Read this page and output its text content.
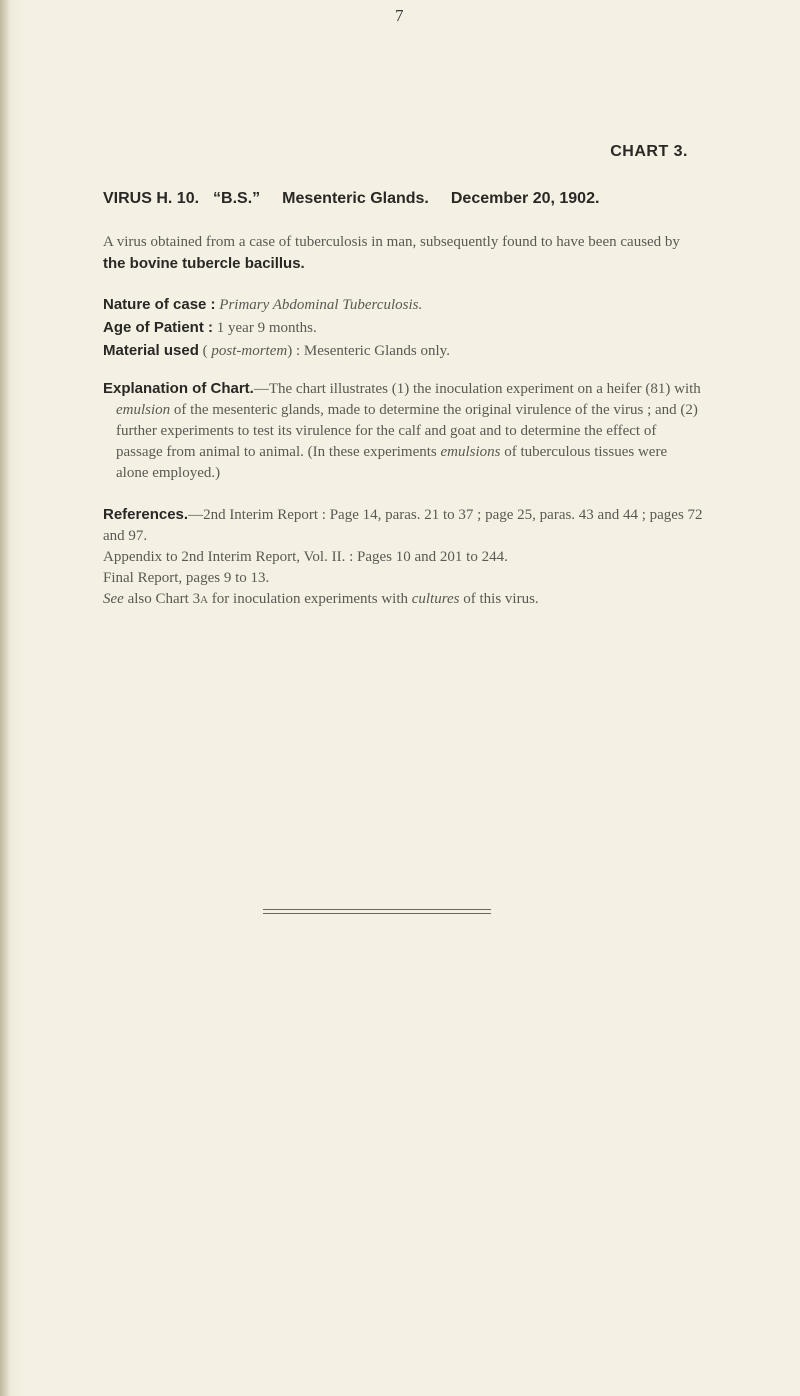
7
CHART 3.
VIRUS H. 10. “B.S.” Mesenteric Glands. December 20, 1902.
A virus obtained from a case of tuberculosis in man, subsequently found to have been caused by the bovine tubercle bacillus.
Nature of case : Primary Abdominal Tuberculosis.
Age of Patient : 1 year 9 months.
Material used ( post-mortem) : Mesenteric Glands only.
Explanation of Chart.—The chart illustrates (1) the inoculation experiment on a heifer (81) with emulsion of the mesenteric glands, made to determine the original virulence of the virus ; and (2) further experiments to test its virulence for the calf and goat and to determine the effect of passage from animal to animal. (In these experiments emulsions of tuberculous tissues were alone employed.)
References.—2nd Interim Report : Page 14, paras. 21 to 37 ; page 25, paras. 43 and 44 ; pages 72 and 97.
Appendix to 2nd Interim Report, Vol. II. : Pages 10 and 201 to 244.
Final Report, pages 9 to 13.
See also Chart 3A for inoculation experiments with cultures of this virus.
